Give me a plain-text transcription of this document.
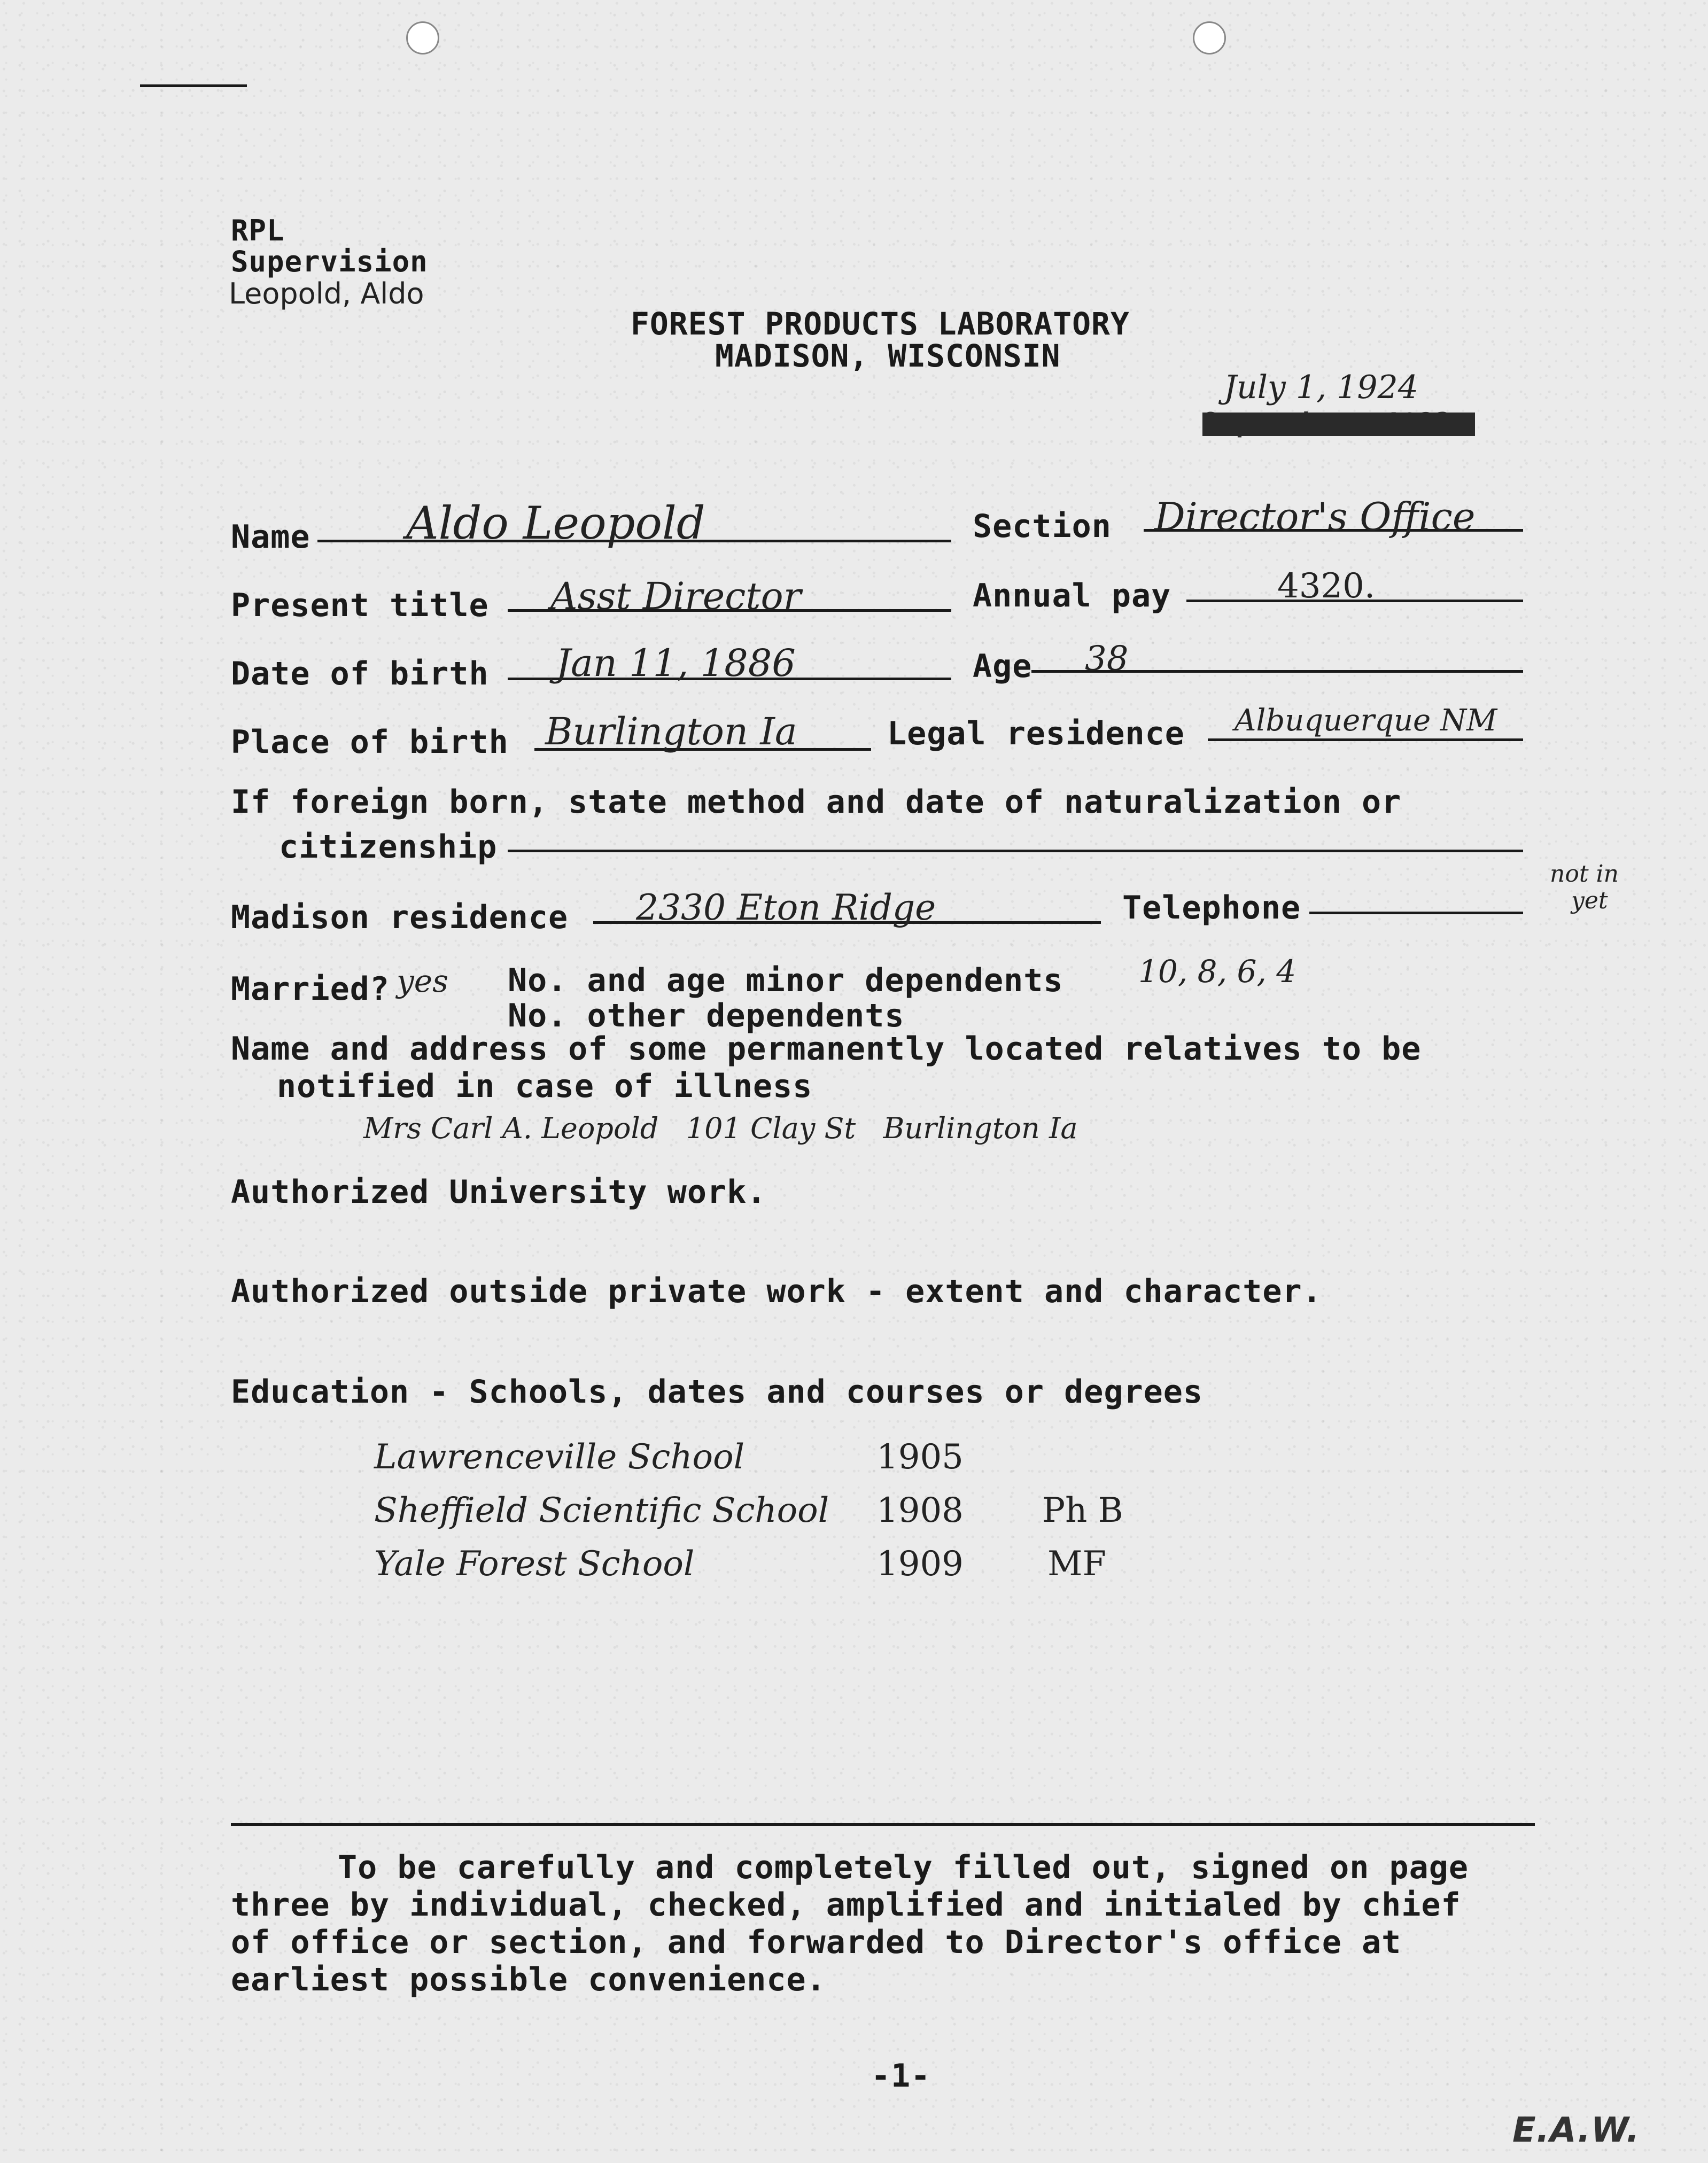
RPL
Supervision
Leopold, Aldo
FOREST PRODUCTS LABORATORY
MADISON, WISCONSIN
July 1, 1924
Name Aldo Leopold	Section Director's Office
Present title Asst Director	Annual pay	4320.
Date of birth Jan 11, 1886	Age 38
Place of birth Burlington Ia	Legal residence Albuquerque NM
If foreign born, state method and date of naturalization or
citizenship
Madison residence 2330 Eton Ridge	Telephone
not in
yet
Married? yes No. and age minor dependents 10, 8, 6, 4
No. other dependents
Name and address of some permanently located relatives to be
notified in case of illness
Mrs Carl A. Leopold   101 Clay St   Burlington Ia
Authorized University work.
Authorized outside private work - extent and character.
Education - Schools, dates and courses or degrees
Lawrenceville School	1905
Sheffield Scientific School 1908 Ph B
Yale Forest School	1909 MF
To be carefully and completely filled out, signed on page
three by individual, checked, amplified and initialed by chief
of office or section, and forwarded to Director's office at
earliest possible convenience.
-1-
E.A.W.
